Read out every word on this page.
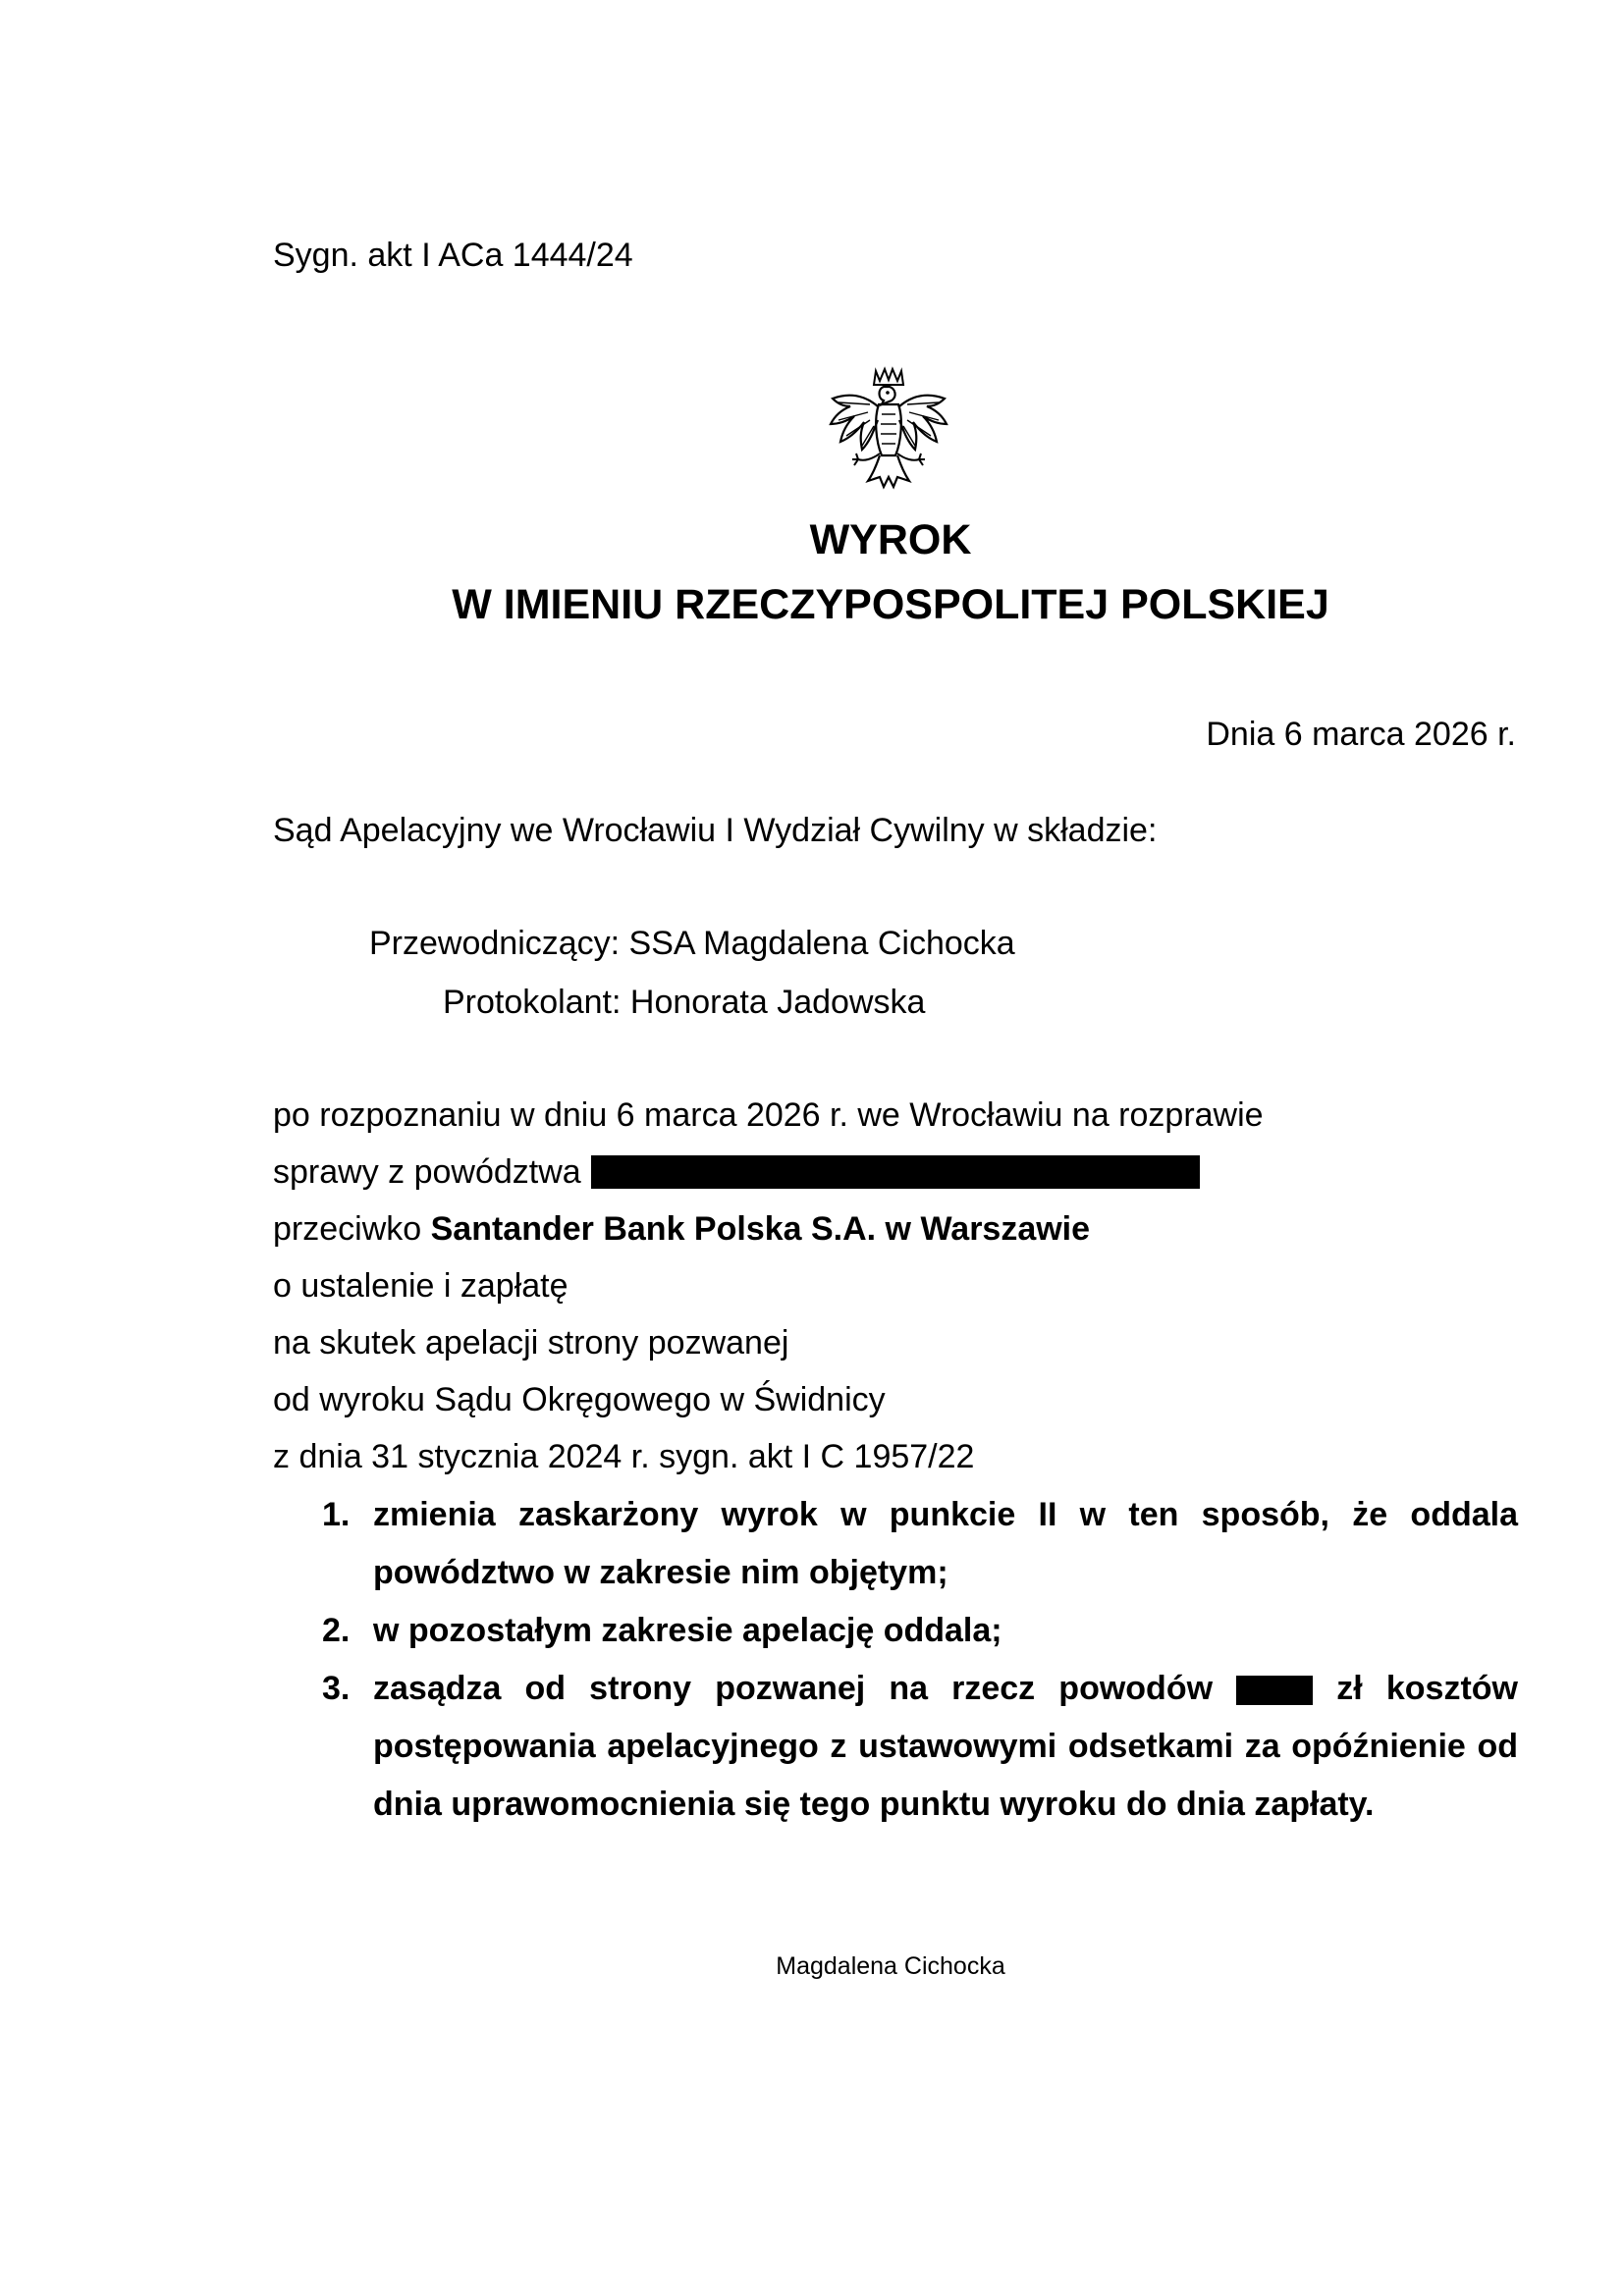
Sygn. akt I ACa 1444/24
WYROK
W IMIENIU RZECZYPOSPOLITEJ POLSKIEJ
Dnia 6 marca 2026 r.
Sąd Apelacyjny we Wrocławiu I Wydział Cywilny w składzie:
Przewodniczący: SSA Magdalena Cichocka
Protokolant: Honorata Jadowska
po rozpoznaniu w dniu 6 marca 2026 r. we Wrocławiu na rozprawie
sprawy z powództwa
przeciwko Santander Bank Polska S.A. w Warszawie
o ustalenie i zapłatę
na skutek apelacji strony pozwanej
od wyroku Sądu Okręgowego w Świdnicy
z dnia 31 stycznia 2024 r. sygn. akt I C 1957/22
1. zmienia zaskarżony wyrok w punkcie II w ten sposób, że oddala powództwo w zakresie nim objętym;
2. w pozostałym zakresie apelację oddala;
3. zasądza od strony pozwanej na rzecz powodów	zł kosztów postępowania apelacyjnego z ustawowymi odsetkami za opóźnienie od dnia uprawomocnienia się tego punktu wyroku do dnia zapłaty.
Magdalena Cichocka
